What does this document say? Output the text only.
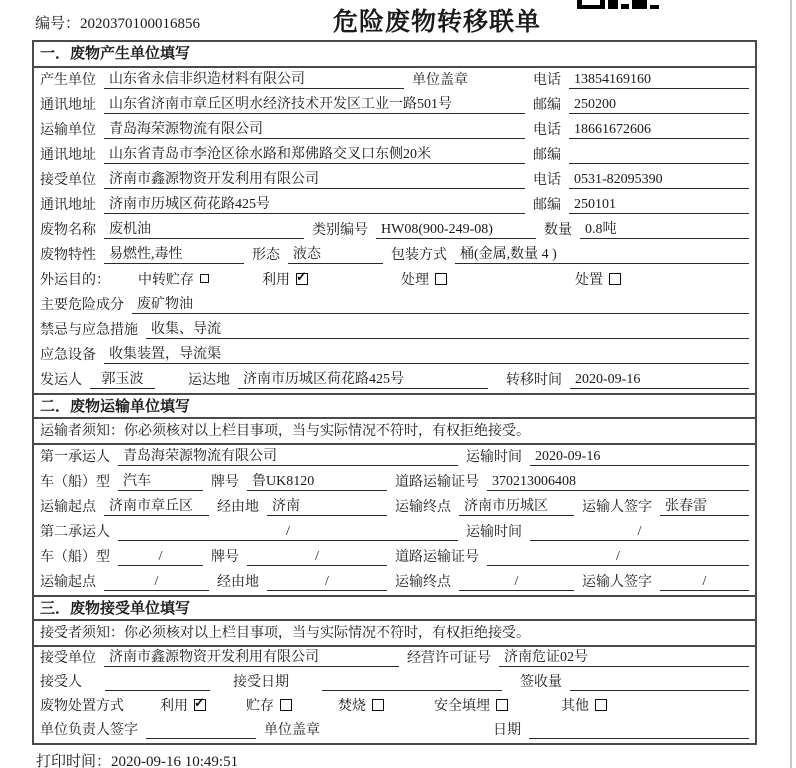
编号：2020370100016856	危险废物转移联单
一．废物产生单位填写
产生单位 山东省永信非织造材料有限公司	单位盖章	电话 13854169160
通讯地址 山东省济南市章丘区明水经济技术开发区工业一路501号	邮编 250200
运输单位 青岛海荣源物流有限公司	电话 18661672606
通讯地址 山东省青岛市李沧区徐水路和郑佛路交叉口东侧20米	邮编
接受单位 济南市鑫源物资开发利用有限公司	电话 0531-82095390
通讯地址 济南市历城区荷花路425号	邮编 250101
废物名称 废机油	类别编号 HW08(900-249-08)	数量 0.8吨
废物特性 易燃性,毒性	形态 液态	包装方式 桶(金属,数量 4 )
外运目的： 中转贮存	利用 ✓	处理	处置
主要危险成分 废矿物油
禁忌与应急措施 收集、导流
应急设备 收集装置，导流渠
发运人	郭玉波	运达地 济南市历城区荷花路425号	转移时间 2020-09-16
二．废物运输单位填写
运输者须知：你必须核对以上栏目事项，当与实际情况不符时，有权拒绝接受。
第一承运人 青岛海荣源物流有限公司	运输时间 2020-09-16
车（船）型 汽车	牌号 鲁UK8120	道路运输证号 370213006408
运输起点 济南市章丘区	经由地 济南	运输终点 济南市历城区	运输人签字 张春雷
第二承运人	/	运输时间	/
车（船）型	/	牌号	/	道路运输证号	/
运输起点	/	经由地	/	运输终点	/	运输人签字	/
三．废物接受单位填写
接受者须知：你必须核对以上栏目事项，当与实际情况不符时，有权拒绝接受。
接受单位 济南市鑫源物资开发利用有限公司	经营许可证号 济南危证02号
接受人	接受日期	签收量
废物处置方式	利用 ✓	贮存	焚烧	安全填埋	其他
单位负责人签字	单位盖章	日期
打印时间：2020-09-16 10:49:51
